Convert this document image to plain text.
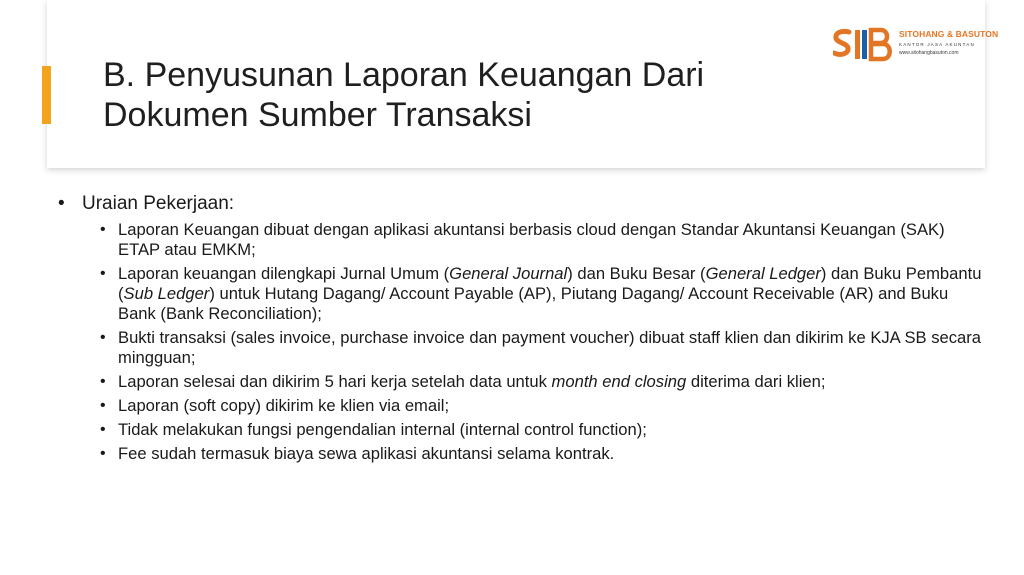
B. Penyusunan Laporan Keuangan Dari
Dokumen Sumber Transaksi
SITOHANG & BASUTON
KANTOR JASA AKUNTAN
www.sitohangbasuton.com
• Uraian Pekerjaan:
• Laporan Keuangan dibuat dengan aplikasi akuntansi berbasis cloud dengan Standar Akuntansi Keuangan (SAK) ETAP atau EMKM;
• Laporan keuangan dilengkapi Jurnal Umum (General Journal) dan Buku Besar (General Ledger) dan Buku Pembantu (Sub Ledger) untuk Hutang Dagang/ Account Payable (AP), Piutang Dagang/ Account Receivable (AR) and Buku Bank (Bank Reconciliation);
• Bukti transaksi (sales invoice, purchase invoice dan payment voucher) dibuat staff klien dan dikirim ke KJA SB secara mingguan;
• Laporan selesai dan dikirim 5 hari kerja setelah data untuk month end closing diterima dari klien;
• Laporan (soft copy) dikirim ke klien via email;
• Tidak melakukan fungsi pengendalian internal (internal control function);
• Fee sudah termasuk biaya sewa aplikasi akuntansi selama kontrak.
